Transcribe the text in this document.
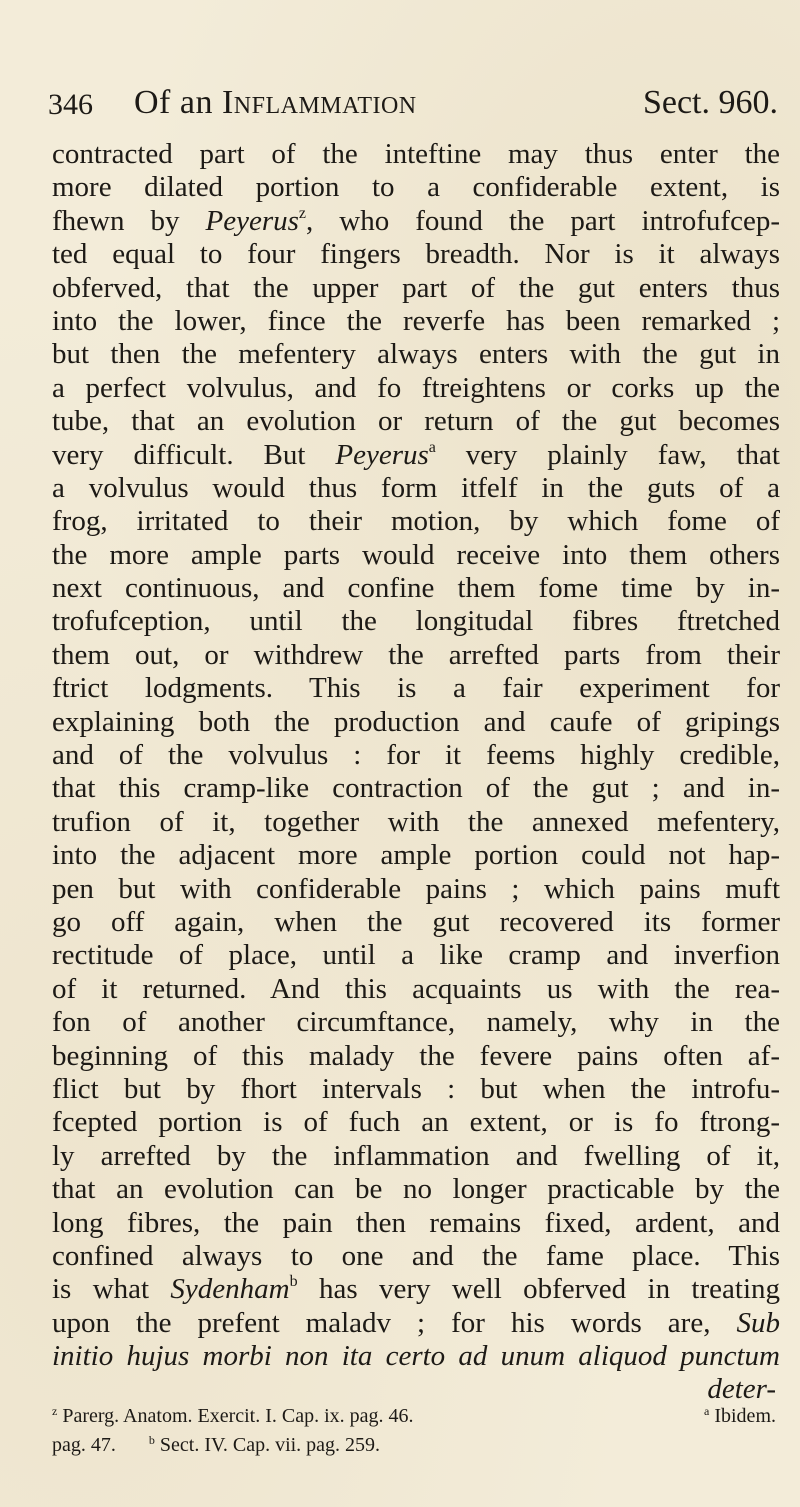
346 Of an Inflammation	Sect. 960.
contracted part of the inteftine may thus enter the
more dilated portion to a confiderable extent, is
fhewn by Peyerus$^z$, who found the part introfufcep-
ted equal to four fingers breadth. Nor is it always
obferved, that the upper part of the gut enters thus
into the lower, fince the reverfe has been remarked ;
but then the mefentery always enters with the gut in
a perfect volvulus, and fo ftreightens or corks up the
tube, that an evolution or return of the gut becomes
very difficult. But Peyerus$^a$ very plainly faw, that
a volvulus would thus form itfelf in the guts of a
frog, irritated to their motion, by which fome of
the more ample parts would receive into them others
next continuous, and confine them fome time by in-
trofufception, until the longitudal fibres ftretched
them out, or withdrew the arrefted parts from their
ftrict lodgments. This is a fair experiment for
explaining both the production and caufe of gripings
and of the volvulus : for it feems highly credible,
that this cramp-like contraction of the gut ; and in-
trufion of it, together with the annexed mefentery,
into the adjacent more ample portion could not hap-
pen but with confiderable pains ; which pains muft
go off again, when the gut recovered its former
rectitude of place, until a like cramp and inverfion
of it returned. And this acquaints us with the rea-
fon of another circumftance, namely, why in the
beginning of this malady the fevere pains often af-
flict but by fhort intervals : but when the introfu-
fcepted portion is of fuch an extent, or is fo ftrong-
ly arrefted by the inflammation and fwelling of it,
that an evolution can be no longer practicable by the
long fibres, the pain then remains fixed, ardent, and
confined always to one and the fame place. This
is what Sydenham$^b$ has very well obferved in treating
upon the prefent maladv ; for his words are, Sub
initio hujus morbi non ita certo ad unum aliquod punctum
deter-
$^z$ Parerg. Anatom. Exercit. I. Cap. ix. pag. 46.	$^a$ Ibidem.
pag. 47.	$^b$ Sect. IV. Cap. vii. pag. 259.
